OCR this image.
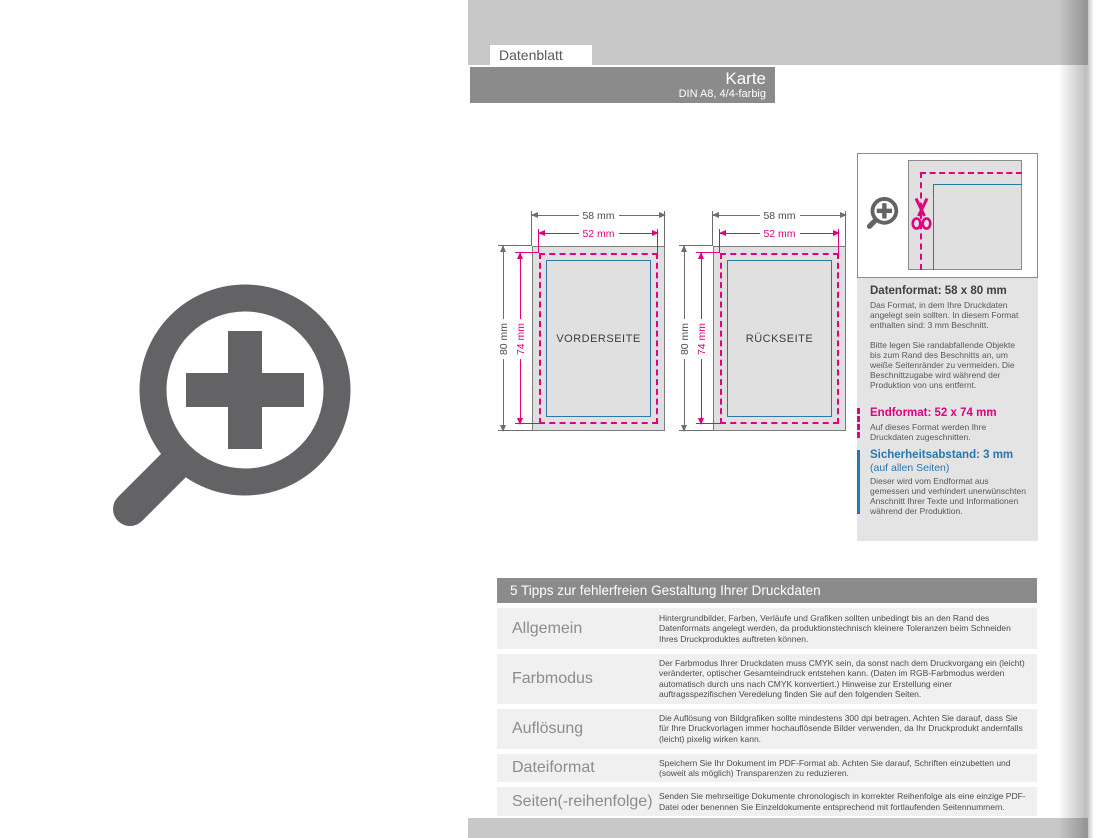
Datenblatt
Karte
DIN A8, 4/4-farbig
VORDERSEITE
58 mm
52 mm
80 mm 74 mm	RÜCKSEITE
58 mm
52 mm
80 mm 74 mm
Datenformat: 58 x 80 mm

Das Format, in dem Ihre Druckdaten angelegt sein sollten. In diesem Format enthalten sind: 3 mm Beschnitt.

Bitte legen Sie randabfallende Objekte bis zum Rand des Beschnitts an, um weiße Seitenränder zu vermeiden. Die Beschnittzugabe wird während der Produktion von uns entfernt.

Endformat: 52 x 74 mm

Auf dieses Format werden Ihre Druckdaten zugeschnitten.

Sicherheitsabstand: 3 mm

(auf allen Seiten)

Dieser wird vom Endformat aus gemessen und verhindert unerwünschten Anschnitt Ihrer Texte und Informationen während der Produktion.

5 Tipps zur fehlerfreien Gestaltung Ihrer Druckdaten
Allgemein
Hintergrundbilder, Farben, Verläufe und Grafiken sollten unbedingt bis an den Rand des Datenformats angelegt werden, da produktionstechnisch kleinere Toleranzen beim Schneiden Ihres Druckproduktes auftreten können.
Farbmodus
Der Farbmodus Ihrer Druckdaten muss CMYK sein, da sonst nach dem Druckvorgang ein (leicht) veränderter, optischer Gesamteindruck entstehen kann. (Daten im RGB-Farbmodus werden automatisch durch uns nach CMYK konvertiert.) Hinweise zur Erstellung einer auftragsspezifischen Veredelung finden Sie auf den folgenden Seiten.
Auflösung
Die Auflösung von Bildgrafiken sollte mindestens 300 dpi betragen. Achten Sie darauf, dass Sie für Ihre Druckvorlagen immer hochauflösende Bilder verwenden, da Ihr Druckprodukt andernfalls (leicht) pixelig wirken kann.
Dateiformat	Speichern Sie Ihr Dokument im PDF-Format ab. Achten Sie darauf, Schriften einzubetten und (soweit als möglich) Transparenzen zu reduzieren.
Seiten(-reihenfolge) Senden Sie mehrseitige Dokumente chronologisch in korrekter Reihenfolge als eine einzige PDF-Datei oder benennen Sie Einzeldokumente entsprechend mit fortlaufenden Seitennummern.
